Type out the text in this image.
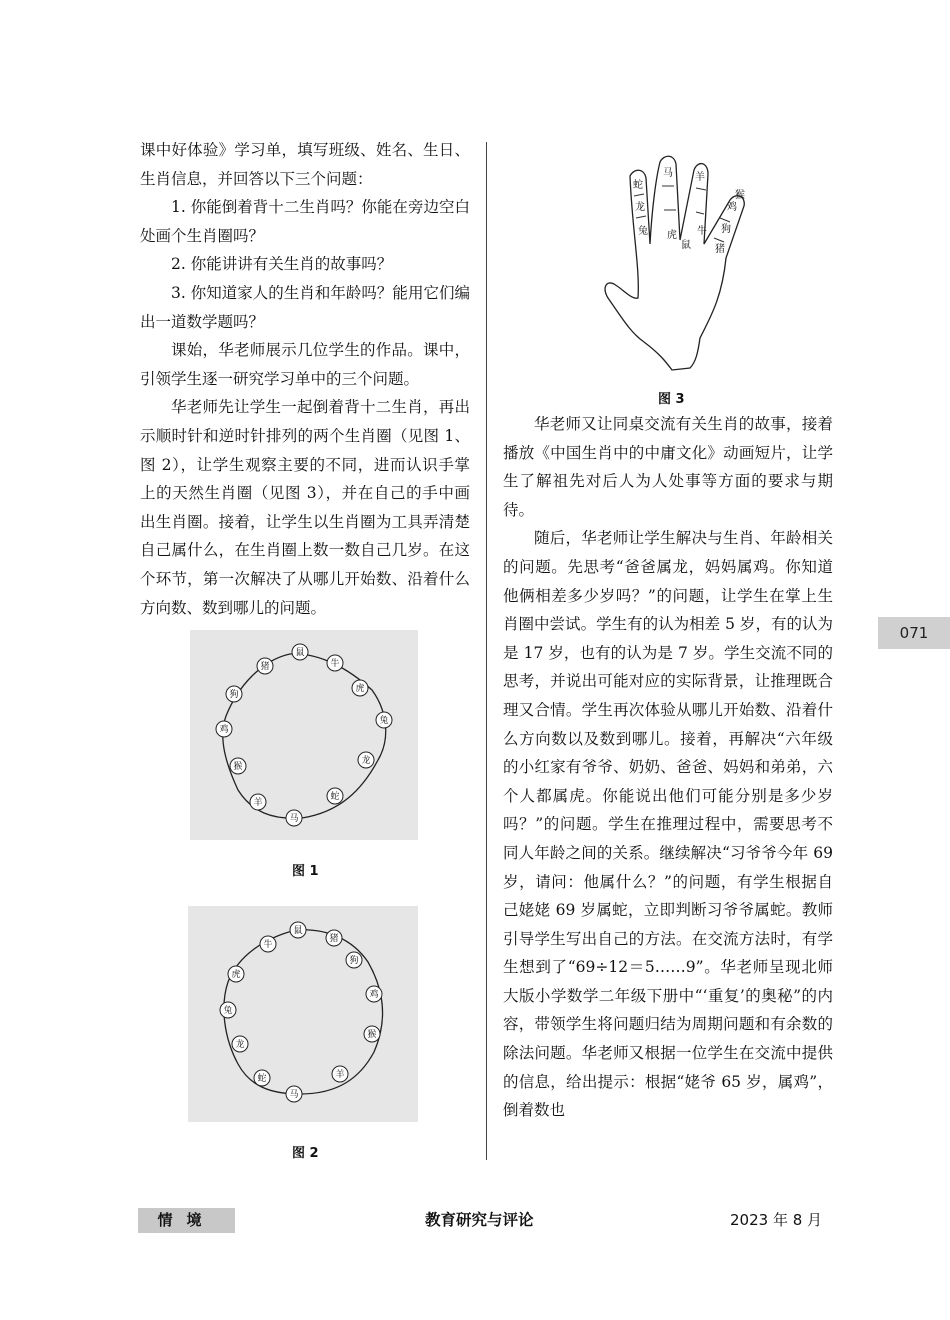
课中好体验》学习单，填写班级、姓名、生日、生肖信息，并回答以下三个问题：

1. 你能倒着背十二生肖吗？你能在旁边空白处画个生肖圈吗？

2. 你能讲讲有关生肖的故事吗？

3. 你知道家人的生肖和年龄吗？能用它们编出一道数学题吗？

课始，华老师展示几位学生的作品。课中，引领学生逐一研究学习单中的三个问题。

华老师先让学生一起倒着背十二生肖，再出示顺时针和逆时针排列的两个生肖圈（见图 1、图 2），让学生观察主要的不同，进而认识手掌上的天然生肖圈（见图 3），并在自己的手中画出生肖圈。接着，让学生以生肖圈为工具弄清楚自己属什么，在生肖圈上数一数自己几岁。在这个环节，第一次解决了从哪儿开始数、沿着什么方向数、数到哪儿的问题。

华老师又让同桌交流有关生肖的故事，接着播放《中国生肖中的中庸文化》动画短片，让学生了解祖先对后人为人处事等方面的要求与期待。

随后，华老师让学生解决与生肖、年龄相关的问题。先思考“爸爸属龙，妈妈属鸡。你知道他俩相差多少岁吗？”的问题，让学生在掌上生肖圈中尝试。学生有的认为相差 5 岁，有的认为是 17 岁，也有的认为是 7 岁。学生交流不同的思考，并说出可能对应的实际背景，让推理既合理又合情。学生再次体验从哪儿开始数、沿着什么方向数以及数到哪儿。接着，再解决“六年级的小红家有爷爷、奶奶、爸爸、妈妈和弟弟，六个人都属虎。你能说出他们可能分别是多少岁吗？”的问题。学生在推理过程中，需要思考不同人年龄之间的关系。继续解决“习爷爷今年 69 岁，请问：他属什么？”的问题，有学生根据自己姥姥 69 岁属蛇，立即判断习爷爷属蛇。教师引导学生写出自己的方法。在交流方法时，有学生想到了“69÷12＝5……9”。华老师呈现北师大版小学数学二年级下册中“‘重复’的奥秘”的内容，带领学生将问题归结为周期问题和有余数的除法问题。华老师又根据一位学生在交流中提供的信息，给出提示：根据“姥爷 65 岁，属鸡”，倒着数也

鼠
牛
虎
兔
龙
蛇
马
羊
猴
鸡
狗
猪
图 1
鼠
猪
狗
鸡
猴
羊
马
蛇
龙
兔
虎
牛
图 2
蛇
龙
兔
马
虎
羊
牛
鸡
狗
猪
鼠
猴
图 3
071
情境	教育研究与评论	2023 年 8 月
